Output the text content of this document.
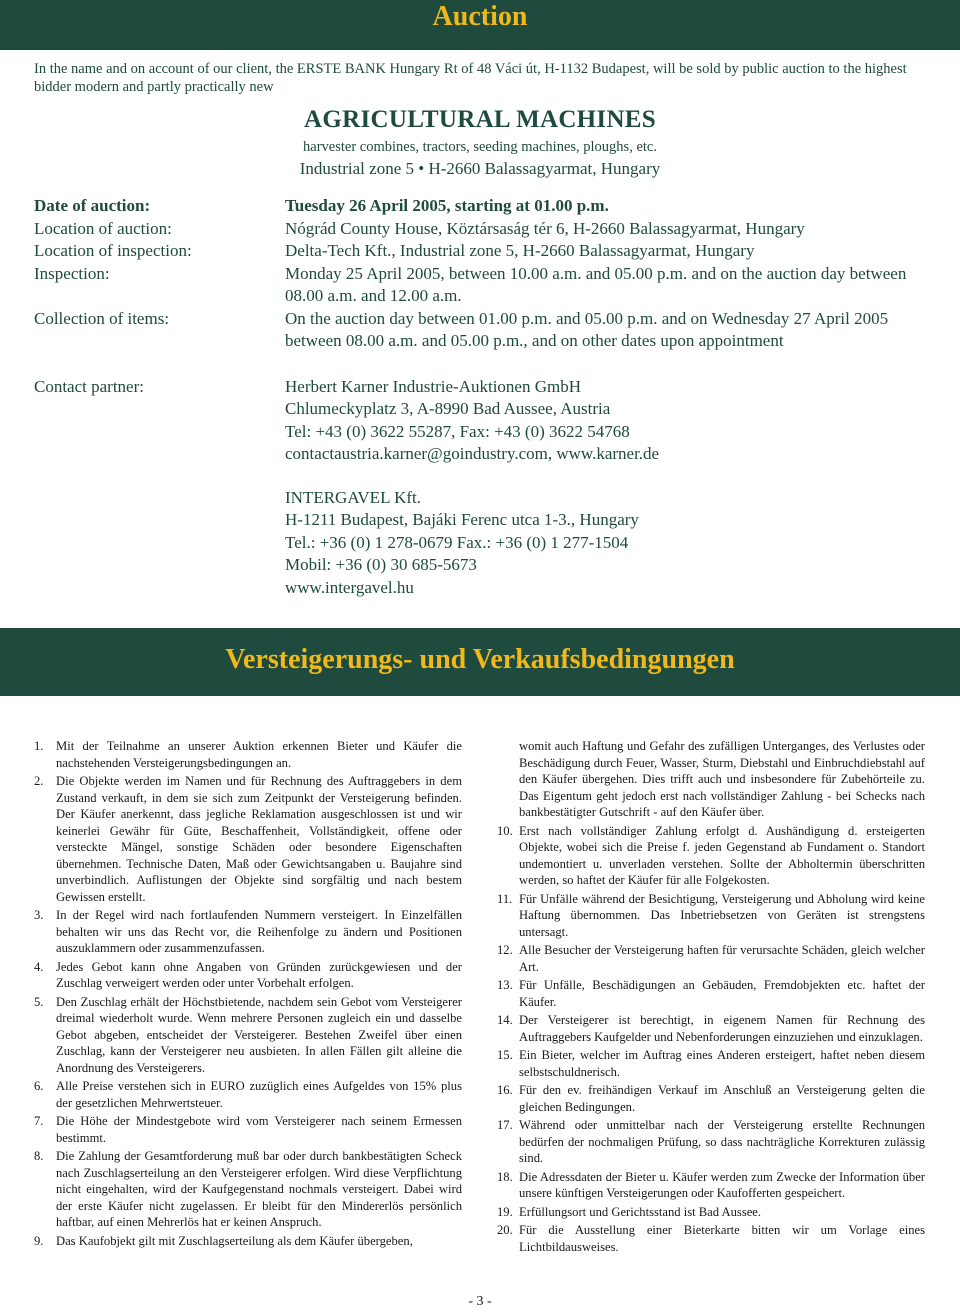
Auction
In the name and on account of our client, the ERSTE BANK Hungary Rt of 48 Váci út, H-1132 Budapest, will be sold by public auction to the highest bidder modern and partly practically new
AGRICULTURAL MACHINES
harvester combines, tractors, seeding machines, ploughs, etc.
Industrial zone 5 • H-2660 Balassagyarmat, Hungary
Date of auction:	Tuesday 26 April 2005, starting at 01.00 p.m.
Location of auction:	Nógrád County House, Köztársaság tér 6, H-2660 Balassagyarmat, Hungary
Location of inspection:	Delta-Tech Kft., Industrial zone 5, H-2660 Balassagyarmat, Hungary
Inspection:	Monday 25 April 2005, between 10.00 a.m. and 05.00 p.m. and on the auction day between 08.00 a.m. and 12.00 a.m.
Collection of items:	On the auction day between 01.00 p.m. and 05.00 p.m. and on Wednesday 27 April 2005 between 08.00 a.m. and 05.00 p.m., and on other dates upon appointment
Contact partner:	Herbert Karner Industrie-Auktionen GmbH
Chlumeckyplatz 3, A-8990 Bad Aussee, Austria
Tel: +43 (0) 3622 55287, Fax: +43 (0) 3622 54768
contactaustria.karner@goindustry.com, www.karner.de
INTERGAVEL Kft.
H-1211 Budapest, Bajáki Ferenc utca 1-3., Hungary
Tel.: +36 (0) 1 278-0679 Fax.: +36 (0) 1 277-1504
Mobil: +36 (0) 30 685-5673
www.intergavel.hu
Versteigerungs- und Verkaufsbedingungen
1. Mit der Teilnahme an unserer Auktion erkennen Bieter und Käufer die nachstehenden Versteigerungsbedingungen an.
2. Die Objekte werden im Namen und für Rechnung des Auftraggebers in dem Zustand verkauft, in dem sie sich zum Zeitpunkt der Versteigerung befinden. Der Käufer anerkennt, dass jegliche Reklamation ausgeschlossen ist und wir keinerlei Gewähr für Güte, Beschaffenheit, Vollständigkeit, offene oder versteckte Mängel, sonstige Schäden oder besondere Eigenschaften übernehmen. Technische Daten, Maß oder Gewichtsangaben u. Baujahre sind unverbindlich. Auflistungen der Objekte sind sorgfältig und nach bestem Gewissen erstellt.
3. In der Regel wird nach fortlaufenden Nummern versteigert. In Einzelfällen behalten wir uns das Recht vor, die Reihenfolge zu ändern und Positionen auszuklammern oder zusammenzufassen.
4. Jedes Gebot kann ohne Angaben von Gründen zurückgewiesen und der Zuschlag verweigert werden oder unter Vorbehalt erfolgen.
5. Den Zuschlag erhält der Höchstbietende, nachdem sein Gebot vom Versteigerer dreimal wiederholt wurde. Wenn mehrere Personen zugleich ein und dasselbe Gebot abgeben, entscheidet der Versteigerer. Bestehen Zweifel über einen Zuschlag, kann der Versteigerer neu ausbieten. In allen Fällen gilt alleine die Anordnung des Versteigerers.
6. Alle Preise verstehen sich in EURO zuzüglich eines Aufgeldes von 15% plus der gesetzlichen Mehrwertsteuer.
7. Die Höhe der Mindestgebote wird vom Versteigerer nach seinem Ermessen bestimmt.
8. Die Zahlung der Gesamtforderung muß bar oder durch bankbestätigten Scheck nach Zuschlagserteilung an den Versteigerer erfolgen. Wird diese Verpflichtung nicht eingehalten, wird der Kaufgegenstand nochmals versteigert. Dabei wird der erste Käufer nicht zugelassen. Er bleibt für den Mindererlös persönlich haftbar, auf einen Mehrerlös hat er keinen Anspruch.
9. Das Kaufobjekt gilt mit Zuschlagserteilung als dem Käufer übergeben,
womit auch Haftung und Gefahr des zufälligen Unterganges, des Verlustes oder Beschädigung durch Feuer, Wasser, Sturm, Diebstahl und Einbruchdiebstahl auf den Käufer übergehen. Dies trifft auch und insbesondere für Zubehörteile zu. Das Eigentum geht jedoch erst nach vollständiger Zahlung - bei Schecks nach bankbestätigter Gutschrift - auf den Käufer über.
10. Erst nach vollständiger Zahlung erfolgt d. Aushändigung d. ersteigerten Objekte, wobei sich die Preise f. jeden Gegenstand ab Fundament o. Standort undemontiert u. unverladen verstehen. Sollte der Abholtermin überschritten werden, so haftet der Käufer für alle Folgekosten.
11. Für Unfälle während der Besichtigung, Versteigerung und Abholung wird keine Haftung übernommen. Das Inbetriebsetzen von Geräten ist strengstens untersagt.
12. Alle Besucher der Versteigerung haften für verursachte Schäden, gleich welcher Art.
13. Für Unfälle, Beschädigungen an Gebäuden, Fremdobjekten etc. haftet der Käufer.
14. Der Versteigerer ist berechtigt, in eigenem Namen für Rechnung des Auftraggebers Kaufgelder und Nebenforderungen einzuziehen und einzuklagen.
15. Ein Bieter, welcher im Auftrag eines Anderen ersteigert, haftet neben diesem selbstschuldnerisch.
16. Für den ev. freihändigen Verkauf im Anschluß an Versteigerung gelten die gleichen Bedingungen.
17. Während oder unmittelbar nach der Versteigerung erstellte Rechnungen bedürfen der nochmaligen Prüfung, so dass nachträgliche Korrekturen zulässig sind.
18. Die Adressdaten der Bieter u. Käufer werden zum Zwecke der Information über unsere künftigen Versteigerungen oder Kaufofferten gespeichert.
19. Erfüllungsort und Gerichtsstand ist Bad Aussee.
20. Für die Ausstellung einer Bieterkarte bitten wir um Vorlage eines Lichtbildausweises.
- 3 -
